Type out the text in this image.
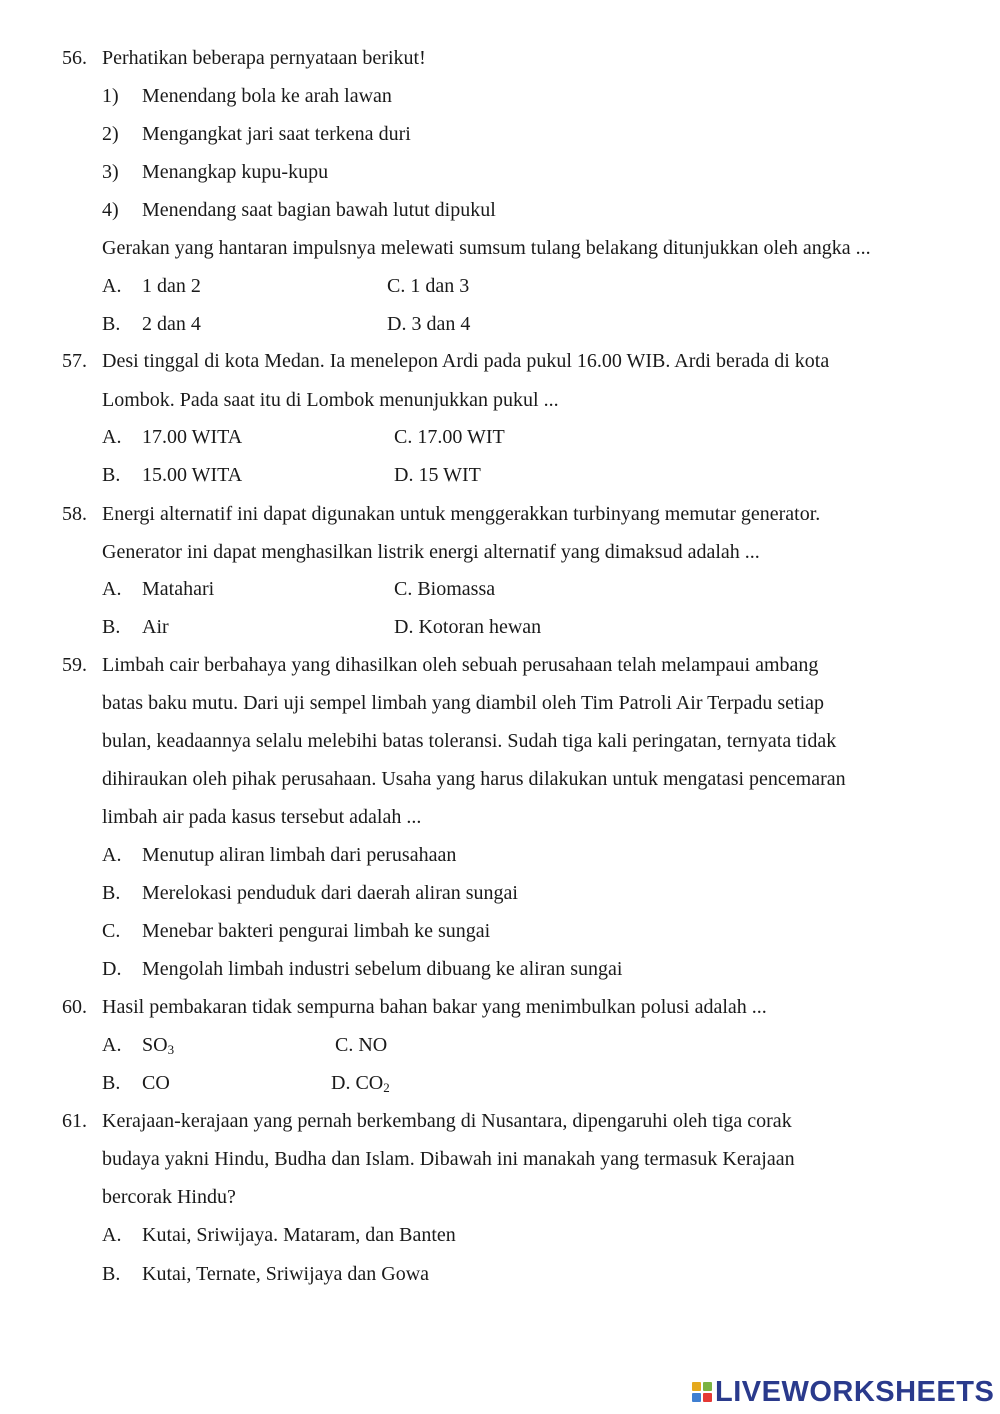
56. Perhatikan beberapa pernyataan berikut!
1) Menendang bola ke arah lawan
2) Mengangkat jari saat terkena duri
3) Menangkap kupu-kupu
4) Menendang saat bagian bawah lutut dipukul
Gerakan yang hantaran impulsnya melewati sumsum tulang belakang ditunjukkan oleh angka ...
A. 1 dan 2	C. 1 dan 3
B. 2 dan 4	D. 3 dan 4
57. Desi tinggal di kota Medan. Ia menelepon Ardi pada pukul 16.00 WIB. Ardi berada di kota
Lombok. Pada saat itu di Lombok menunjukkan pukul ...
A. 17.00 WITA	C. 17.00 WIT
B. 15.00 WITA	D. 15 WIT
58. Energi alternatif ini dapat digunakan untuk menggerakkan turbinyang memutar generator.
Generator ini dapat menghasilkan listrik energi alternatif yang dimaksud adalah ...
A. Matahari	C. Biomassa
B. Air	D. Kotoran hewan
59. Limbah cair berbahaya yang dihasilkan oleh sebuah perusahaan telah melampaui ambang
batas baku mutu. Dari uji sempel limbah yang diambil oleh Tim Patroli Air Terpadu setiap
bulan, keadaannya selalu melebihi batas toleransi. Sudah tiga kali peringatan, ternyata tidak
dihiraukan oleh pihak perusahaan. Usaha yang harus dilakukan untuk mengatasi pencemaran
limbah air pada kasus tersebut adalah ...
A. Menutup aliran limbah dari perusahaan
B. Merelokasi penduduk dari daerah aliran sungai
C. Menebar bakteri pengurai limbah ke sungai
D. Mengolah limbah industri sebelum dibuang ke aliran sungai
60. Hasil pembakaran tidak sempurna bahan bakar yang menimbulkan polusi adalah ...
A. $SO_3$	C. NO
B. CO	D. $CO_2$
61. Kerajaan-kerajaan yang pernah berkembang di Nusantara, dipengaruhi oleh tiga corak
budaya yakni Hindu, Budha dan Islam. Dibawah ini manakah yang termasuk Kerajaan
bercorak Hindu?
A. Kutai, Sriwijaya. Mataram, dan Banten
B. Kutai, Ternate, Sriwijaya dan Gowa
LIVEWORKSHEETS
